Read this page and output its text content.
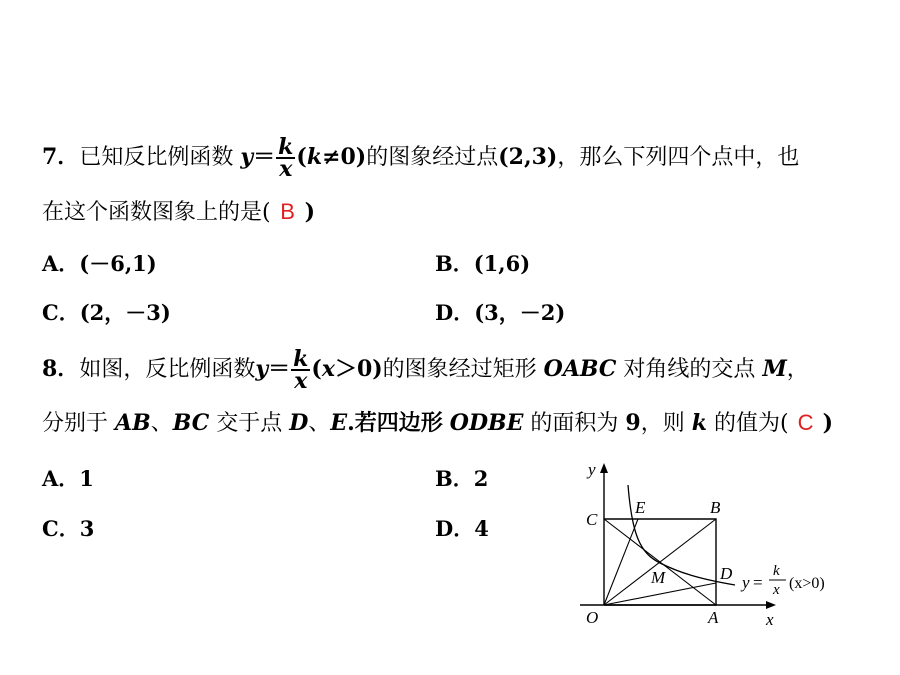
7．已知反比例函数 $y= \frac{k}{x} (k\ne 0)$的图象经过点(2,3)，那么下列四个点中，也
在这个函数图象上的是( B )
A．(－6,1)	B．(1,6)
C．(2，－3)	D．(3，－2)
8．如图，反比例函数$y= \frac{k}{x} (x>0)$的图象经过矩形 OABC 对角线的交点 M，
分别于 AB、BC 交于点 D、E.若四边形 ODBE 的面积为 9，则 k 的值为( C )
A．1	B．2
C．3	D．4
y
x
O	A
B
C
D
E
M	y =
k
x (x>0)
